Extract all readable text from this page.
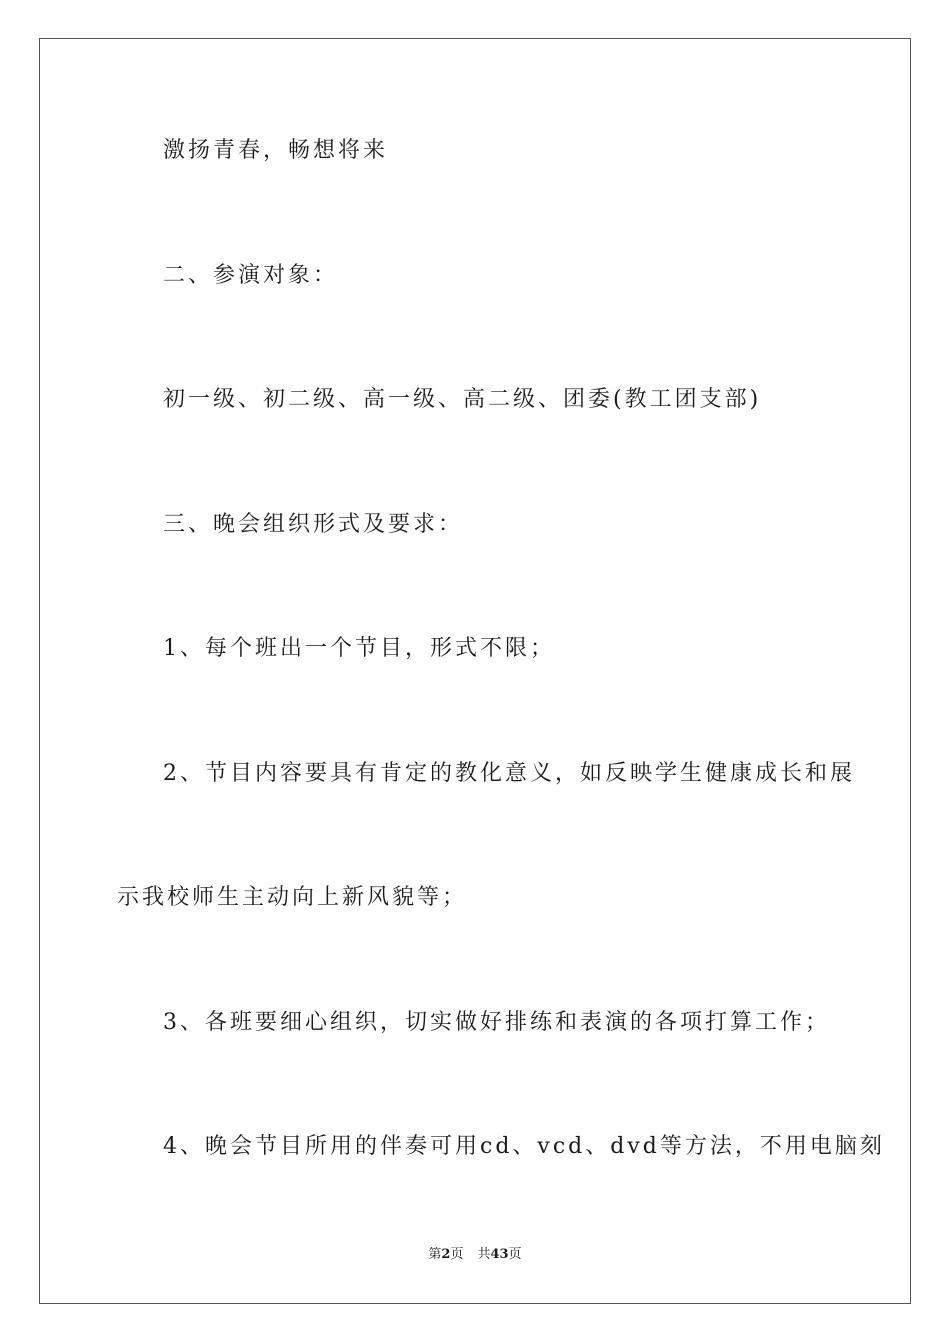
激扬青春，畅想将来
二、参演对象：
初一级、初二级、高一级、高二级、团委(教工团支部)
三、晚会组织形式及要求：
1、每个班出一个节目，形式不限；
2、节目内容要具有肯定的教化意义，如反映学生健康成长和展
示我校师生主动向上新风貌等；
3、各班要细心组织，切实做好排练和表演的各项打算工作；
4、晚会节目所用的伴奏可用cd、vcd、dvd等方法，不用电脑刻
第2页 共43页
